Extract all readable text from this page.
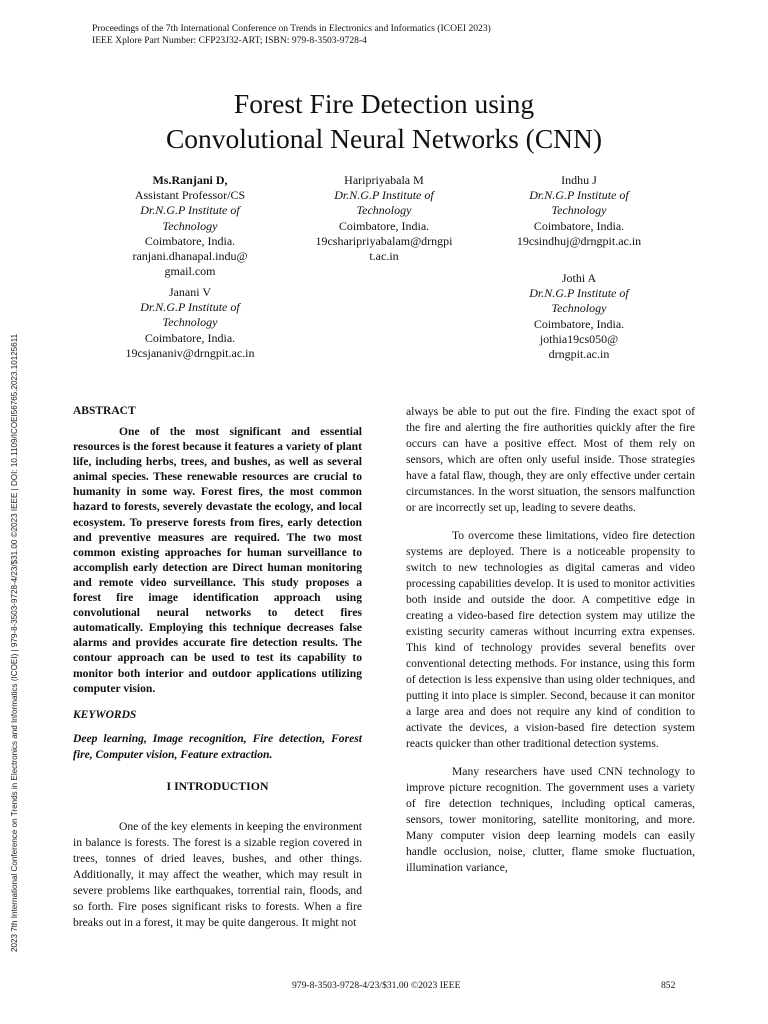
Proceedings of the 7th International Conference on Trends in Electronics and Informatics (ICOEI 2023)
IEEE Xplore Part Number: CFP23J32-ART; ISBN: 979-8-3503-9728-4
2023 7th International Conference on Trends in Electronics and Informatics (ICOEI) | 979-8-3503-9728-4/23/$31.00 ©2023 IEEE | DOI: 10.1109/ICOEI56765.2023.10125611
Forest Fire Detection using
Convolutional Neural Networks (CNN)
Ms.Ranjani D,
Assistant Professor/CS
Dr.N.G.P Institute of
Technology
Coimbatore, India.
ranjani.dhanapal.indu@
gmail.com
Haripriyabala M
Dr.N.G.P Institute of
Technology
Coimbatore, India.
19csharipriyabalam@drngpi
t.ac.in
Indhu J
Dr.N.G.P Institute of
Technology
Coimbatore, India.
19csindhuj@drngpit.ac.in
Janani V
Dr.N.G.P Institute of
Technology
Coimbatore, India.
19csjananiv@drngpit.ac.in
Jothi A
Dr.N.G.P Institute of
Technology
Coimbatore, India.
jothia19cs050@
drngpit.ac.in

ABSTRACT

One of the most significant and essential resources is the forest because it features a variety of plant life, including herbs, trees, and bushes, as well as several animal species. These renewable resources are crucial to humanity in some way. Forest fires, the most common hazard to forests, severely devastate the ecology, and local ecosystem. To preserve forests from fires, early detection and preventive measures are required. The two most common existing approaches for human surveillance to accomplish early detection are Direct human monitoring and remote video surveillance. This study proposes a forest fire image identification approach using convolutional neural networks to detect fires automatically. Employing this technique decreases false alarms and provides accurate fire detection results. The contour approach can be used to test its capability to monitor both interior and outdoor applications utilizing computer vision.

KEYWORDS

Deep learning, Image recognition, Fire detection, Forest fire, Computer vision, Feature extraction.

I INTRODUCTION

One of the key elements in keeping the environment in balance is forests. The forest is a sizable region covered in trees, tonnes of dried leaves, bushes, and other things. Additionally, it may affect the weather, which may result in severe problems like earthquakes, torrential rain, floods, and so forth. Fire poses significant risks to forests. When a fire breaks out in a forest, it may be quite dangerous. It might not

always be able to put out the fire. Finding the exact spot of the fire and alerting the fire authorities quickly after the fire occurs can have a positive effect. Most of them rely on sensors, which are often only useful inside. Those strategies have a fatal flaw, though, they are only effective under certain circumstances. In the worst situation, the sensors malfunction or are incorrectly set up, leading to severe deaths.

To overcome these limitations, video fire detection systems are deployed. There is a noticeable propensity to switch to new technologies as digital cameras and video processing capabilities develop. It is used to monitor activities both inside and outside the door. A competitive edge in creating a video-based fire detection system may utilize the existing security cameras without incurring extra expenses. This kind of technology provides several benefits over conventional detecting methods. For instance, using this form of detection is less expensive than using older techniques, and putting it into place is simpler. Second, because it can monitor a large area and does not require any kind of condition to activate the devices, a vision-based fire detection system reacts quicker than other traditional detection systems.

Many researchers have used CNN technology to improve picture recognition. The government uses a variety of fire detection techniques, including optical cameras, sensors, tower monitoring, satellite monitoring, and more. Many computer vision deep learning models can easily handle occlusion, noise, clutter, flame smoke fluctuation, illumination variance,

979-8-3503-9728-4/23/$31.00 ©2023 IEEE	852
